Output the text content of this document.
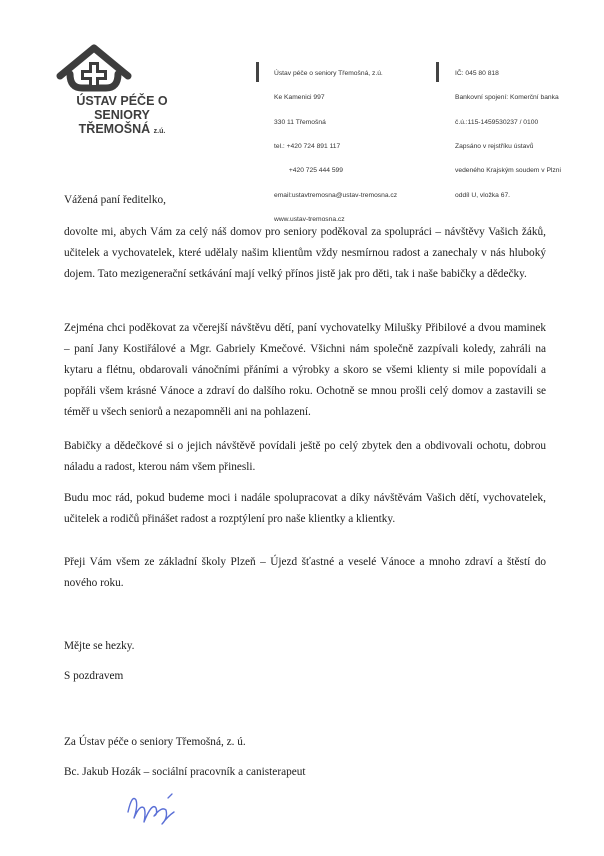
ÚSTAV PÉČE O SENIORY
TŘEMOŠNÁ z.ú.

Ústav péče o seniory Třemošná, z.ú.

Ke Kamenici 997

330 11 Třemošná

tel.: +420 724 891 117

+420 725 444 599

email:ustavtremosna@ustav-tremosna.cz

www.ustav-tremosna.cz

IČ: 045 80 818

Bankovní spojení: Komerční banka

č.ú.:115-1459530237 / 0100

Zapsáno v rejstříku ústavů

vedeného Krajským soudem v Plzni

oddíl U, vložka 67.

Vážená paní ředitelko,

dovolte mi, abych Vám za celý náš domov pro seniory poděkoval za spolupráci – návštěvy Vašich žáků, učitelek a vychovatelek, které udělaly našim klientům vždy nesmírnou radost a zanechaly v nás hluboký dojem. Tato mezigenerační setkávání mají velký přínos jistě jak pro děti, tak i naše babičky a dědečky.

Zejména chci poděkovat za včerejší návštěvu dětí, paní vychovatelky Milušky Přibilové a dvou maminek – paní Jany Kostiřálové a Mgr. Gabriely Kmečové. Všichni nám společně zazpívali koledy, zahráli na kytaru a flétnu, obdarovali vánočními přáními a výrobky a skoro se všemi klienty si mile popovídali a popřáli všem krásné Vánoce a zdraví do dalšího roku. Ochotně se mnou prošli celý domov a zastavili se téměř u všech seniorů a nezapomněli ani na pohlazení.

Babičky a dědečkové si o jejich návštěvě povídali ještě po celý zbytek den a obdivovali ochotu, dobrou náladu a radost, kterou nám všem přinesli.

Budu moc rád, pokud budeme moci i nadále spolupracovat a díky návštěvám Vašich dětí, vychovatelek, učitelek a rodičů přinášet radost a rozptýlení pro naše klientky a klientky.

Přeji Vám všem ze základní školy Plzeň – Újezd šťastné a veselé Vánoce a mnoho zdraví a štěstí do nového roku.

Mějte se hezky.

S pozdravem

Za Ústav péče o seniory Třemošná, z. ú.

Bc. Jakub Hozák – sociální pracovník a canisterapeut
